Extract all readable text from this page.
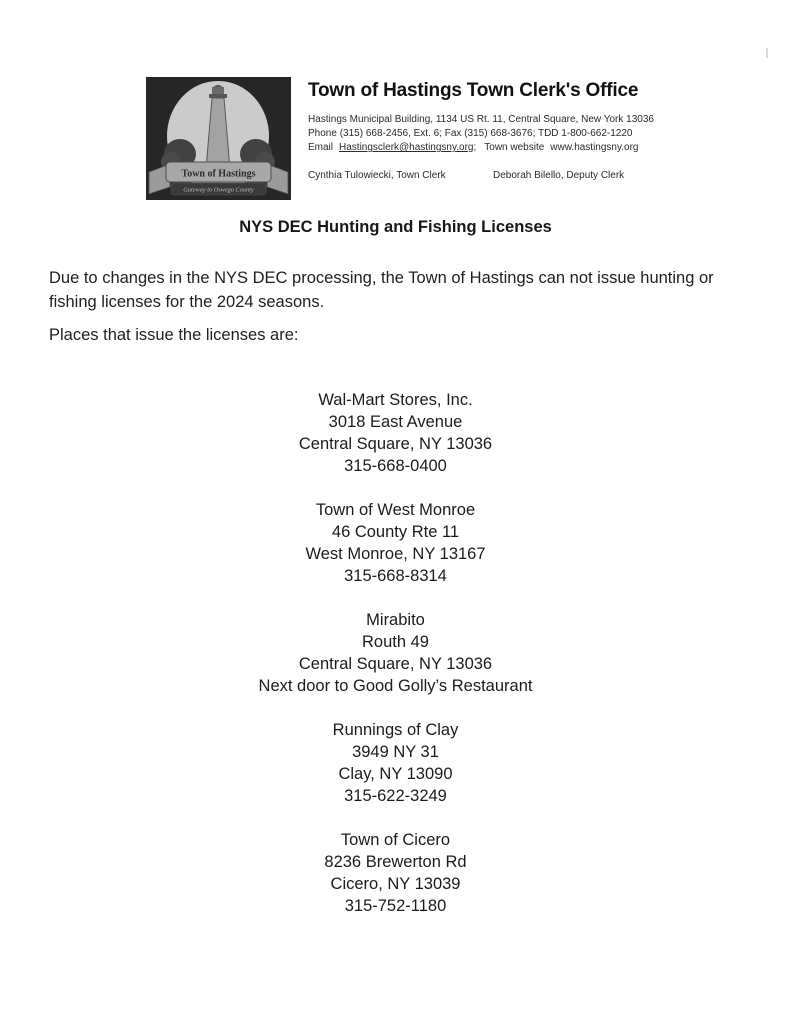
Town of Hastings
Gateway to Oswego County
Town of Hastings Town Clerk's Office
Hastings Municipal Building, 1134 US Rt. 11, Central Square, New York 13036
Phone (315) 668-2456, Ext. 6; Fax (315) 668-3676; TDD 1-800-662-1220
Email Hastingsclerk@hastingsny.org; Town website www.hastingsny.org
Cynthia Tulowiecki, Town Clerk	Deborah Bilello, Deputy Clerk
NYS DEC Hunting and Fishing Licenses

Due to changes in the NYS DEC processing, the Town of Hastings can not issue hunting or fishing licenses for the 2024 seasons.

Places that issue the licenses are:

Wal-Mart Stores, Inc.
3018 East Avenue
Central Square, NY 13036
315-668-0400
Town of West Monroe
46 County Rte 11
West Monroe, NY 13167
315-668-8314
Mirabito
Routh 49
Central Square, NY 13036
Next door to Good Golly’s Restaurant
Runnings of Clay
3949 NY 31
Clay, NY 13090
315-622-3249
Town of Cicero
8236 Brewerton Rd
Cicero, NY 13039
315-752-1180
